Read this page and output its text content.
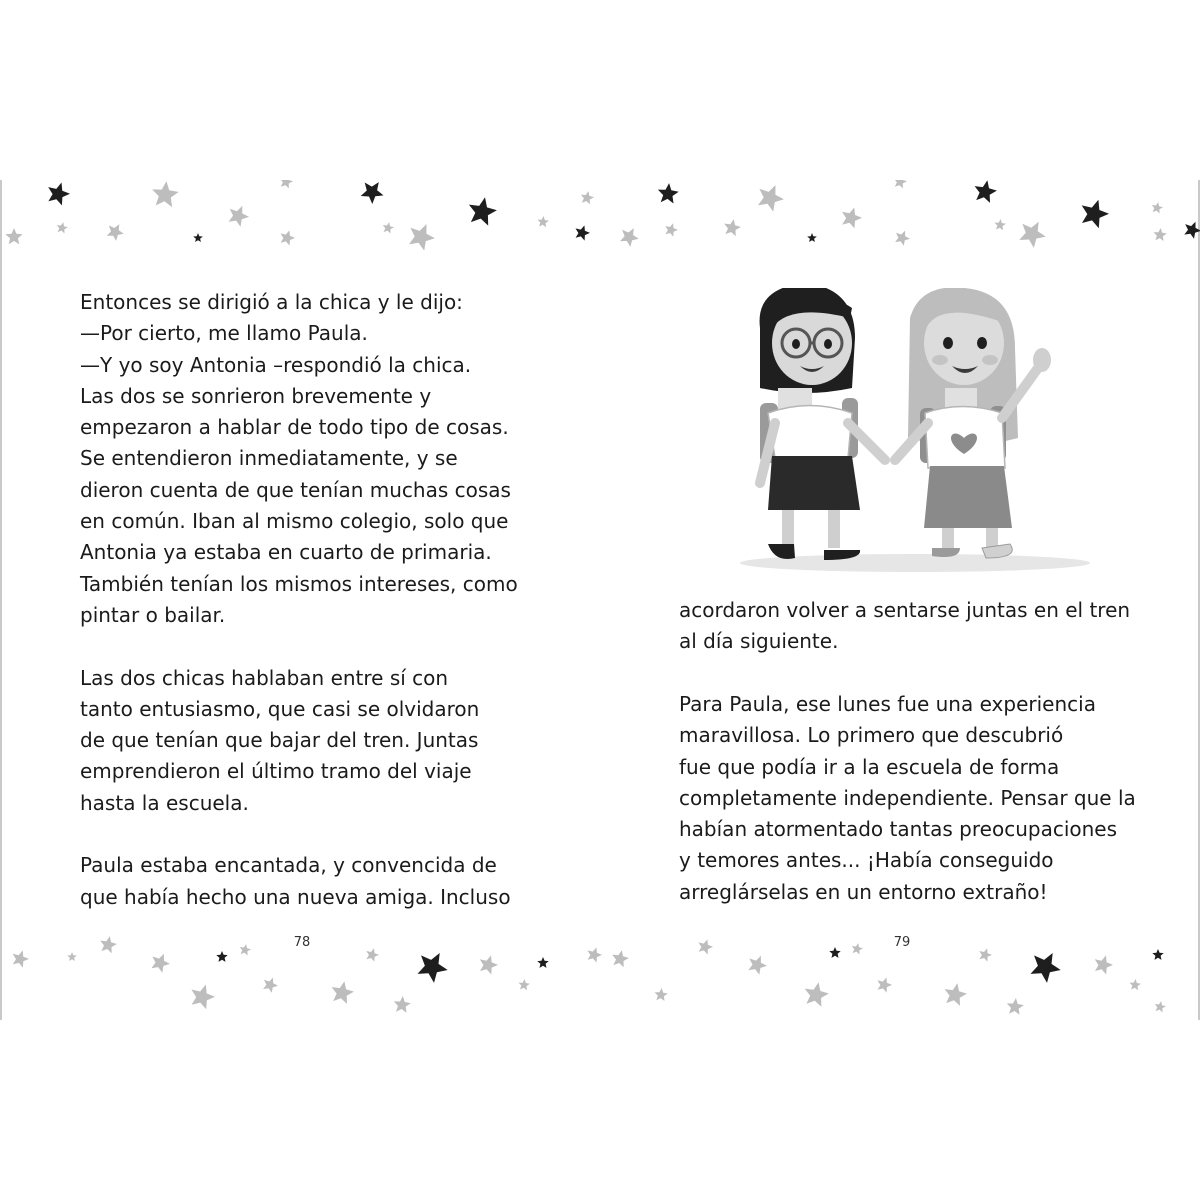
Entonces se dirigió a la chica y le dijo:
—Por cierto, me llamo Paula.
—Y yo soy Antonia –respondió la chica.
Las dos se sonrieron brevemente y
empezaron a hablar de todo tipo de cosas.
Se entendieron inmediatamente, y se
dieron cuenta de que tenían muchas cosas
en común. Iban al mismo colegio, solo que
Antonia ya estaba en cuarto de primaria.
También tenían los mismos intereses, como
pintar o bailar.
Las dos chicas hablaban entre sí con
tanto entusiasmo, que casi se olvidaron
de que tenían que bajar del tren. Juntas
emprendieron el último tramo del viaje
hasta la escuela.
Paula estaba encantada, y convencida de
que había hecho una nueva amiga. Incluso
acordaron volver a sentarse juntas en el tren
al día siguiente.
Para Paula, ese lunes fue una experiencia
maravillosa. Lo primero que descubrió
fue que podía ir a la escuela de forma
completamente independiente. Pensar que la
habían atormentado tantas preocupaciones
y temores antes... ¡Había conseguido
arreglárselas en un entorno extraño!
78	79
